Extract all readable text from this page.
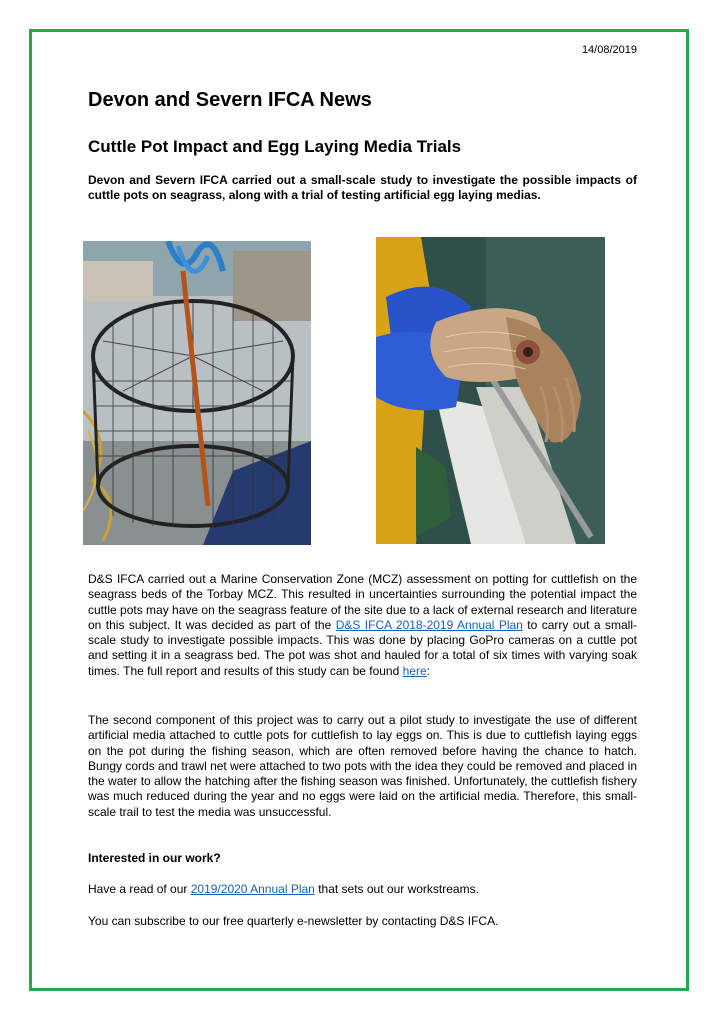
14/08/2019
Devon and Severn IFCA News
Cuttle Pot Impact and Egg Laying Media Trials

Devon and Severn IFCA carried out a small-scale study to investigate the possible impacts of cuttle pots on seagrass, along with a trial of testing artificial egg laying medias.

D&S IFCA carried out a Marine Conservation Zone (MCZ) assessment on potting for cuttlefish on the seagrass beds of the Torbay MCZ. This resulted in uncertainties surrounding the potential impact the cuttle pots may have on the seagrass feature of the site due to a lack of external research and literature on this subject. It was decided as part of the D&S IFCA 2018-2019 Annual Plan to carry out a small-scale study to investigate possible impacts. This was done by placing GoPro cameras on a cuttle pot and setting it in a seagrass bed. The pot was shot and hauled for a total of six times with varying soak times. The full report and results of this study can be found here:

The second component of this project was to carry out a pilot study to investigate the use of different artificial media attached to cuttle pots for cuttlefish to lay eggs on. This is due to cuttlefish laying eggs on the pot during the fishing season, which are often removed before having the chance to hatch. Bungy cords and trawl net were attached to two pots with the idea they could be removed and placed in the water to allow the hatching after the fishing season was finished. Unfortunately, the cuttlefish fishery was much reduced during the year and no eggs were laid on the artificial media. Therefore, this small-scale trail to test the media was unsuccessful.

Interested in our work?

Have a read of our 2019/2020 Annual Plan that sets out our workstreams.

You can subscribe to our free quarterly e-newsletter by contacting D&S IFCA.
